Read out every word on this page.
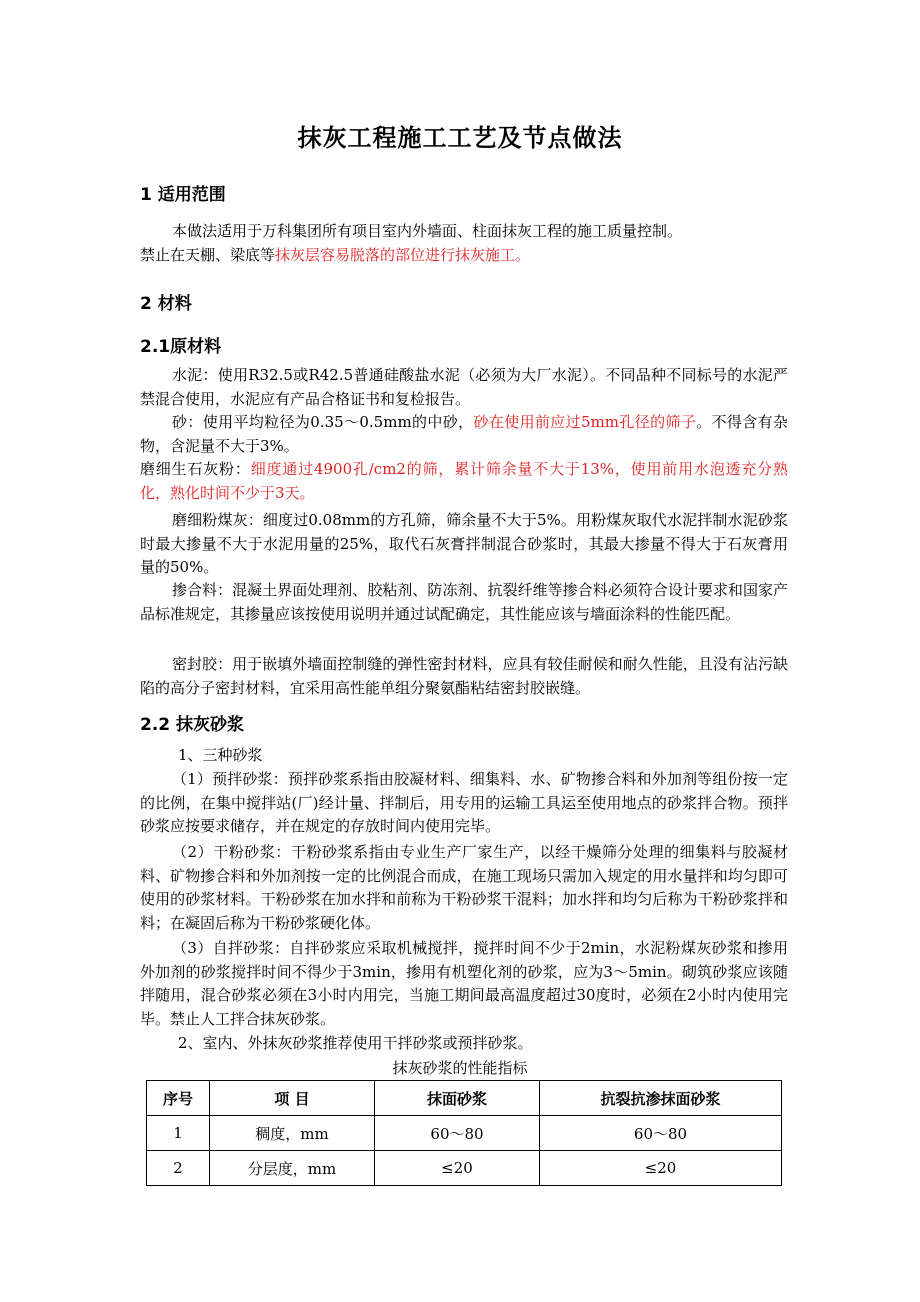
抹灰工程施工工艺及节点做法
1 适用范围
本做法适用于万科集团所有项目室内外墙面、柱面抹灰工程的施工质量控制。
禁止在天棚、梁底等抹灰层容易脱落的部位进行抹灰施工。
2 材料
2.1原材料
水泥：使用R32.5或R42.5普通硅酸盐水泥（必须为大厂水泥）。不同品种不同标号的水泥严禁混合使用，水泥应有产品合格证书和复检报告。
砂：使用平均粒径为0.35～0.5mm的中砂，砂在使用前应过5mm孔径的筛子。不得含有杂物，含泥量不大于3%。
磨细生石灰粉：细度通过4900孔/cm2的筛，累计筛余量不大于13%，使用前用水泡透充分熟化，熟化时间不少于3天。
磨细粉煤灰：细度过0.08mm的方孔筛，筛余量不大于5%。用粉煤灰取代水泥拌制水泥砂浆时最大掺量不大于水泥用量的25%，取代石灰膏拌制混合砂浆时，其最大掺量不得大于石灰膏用量的50%。
掺合料：混凝土界面处理剂、胶粘剂、防冻剂、抗裂纤维等掺合料必须符合设计要求和国家产品标准规定，其掺量应该按使用说明并通过试配确定，其性能应该与墙面涂料的性能匹配。
密封胶：用于嵌填外墙面控制缝的弹性密封材料，应具有较佳耐候和耐久性能，且没有沾污缺陷的高分子密封材料，宜采用高性能单组分聚氨酯粘结密封胶嵌缝。
2.2 抹灰砂浆
1、三种砂浆
（1）预拌砂浆：预拌砂浆系指由胶凝材料、细集料、水、矿物掺合料和外加剂等组份按一定的比例，在集中搅拌站(厂)经计量、拌制后，用专用的运输工具运至使用地点的砂浆拌合物。预拌砂浆应按要求储存，并在规定的存放时间内使用完毕。
（2）干粉砂浆：干粉砂浆系指由专业生产厂家生产，以经干燥筛分处理的细集料与胶凝材料、矿物掺合料和外加剂按一定的比例混合而成，在施工现场只需加入规定的用水量拌和均匀即可使用的砂浆材料。干粉砂浆在加水拌和前称为干粉砂浆干混料；加水拌和均匀后称为干粉砂浆拌和料；在凝固后称为干粉砂浆硬化体。
（3）自拌砂浆：自拌砂浆应采取机械搅拌，搅拌时间不少于2min，水泥粉煤灰砂浆和掺用外加剂的砂浆搅拌时间不得少于3min，掺用有机塑化剂的砂浆，应为3～5min。砌筑砂浆应该随拌随用，混合砂浆必须在3小时内用完，当施工期间最高温度超过30度时，必须在2小时内使用完毕。禁止人工拌合抹灰砂浆。
2、室内、外抹灰砂浆推荐使用干拌砂浆或预拌砂浆。
抹灰砂浆的性能指标
序号	项 目	抹面砂浆	抗裂抗渗抹面砂浆
1	稠度，mm	60～80	60～80
2	分层度，mm	≤20	≤20
